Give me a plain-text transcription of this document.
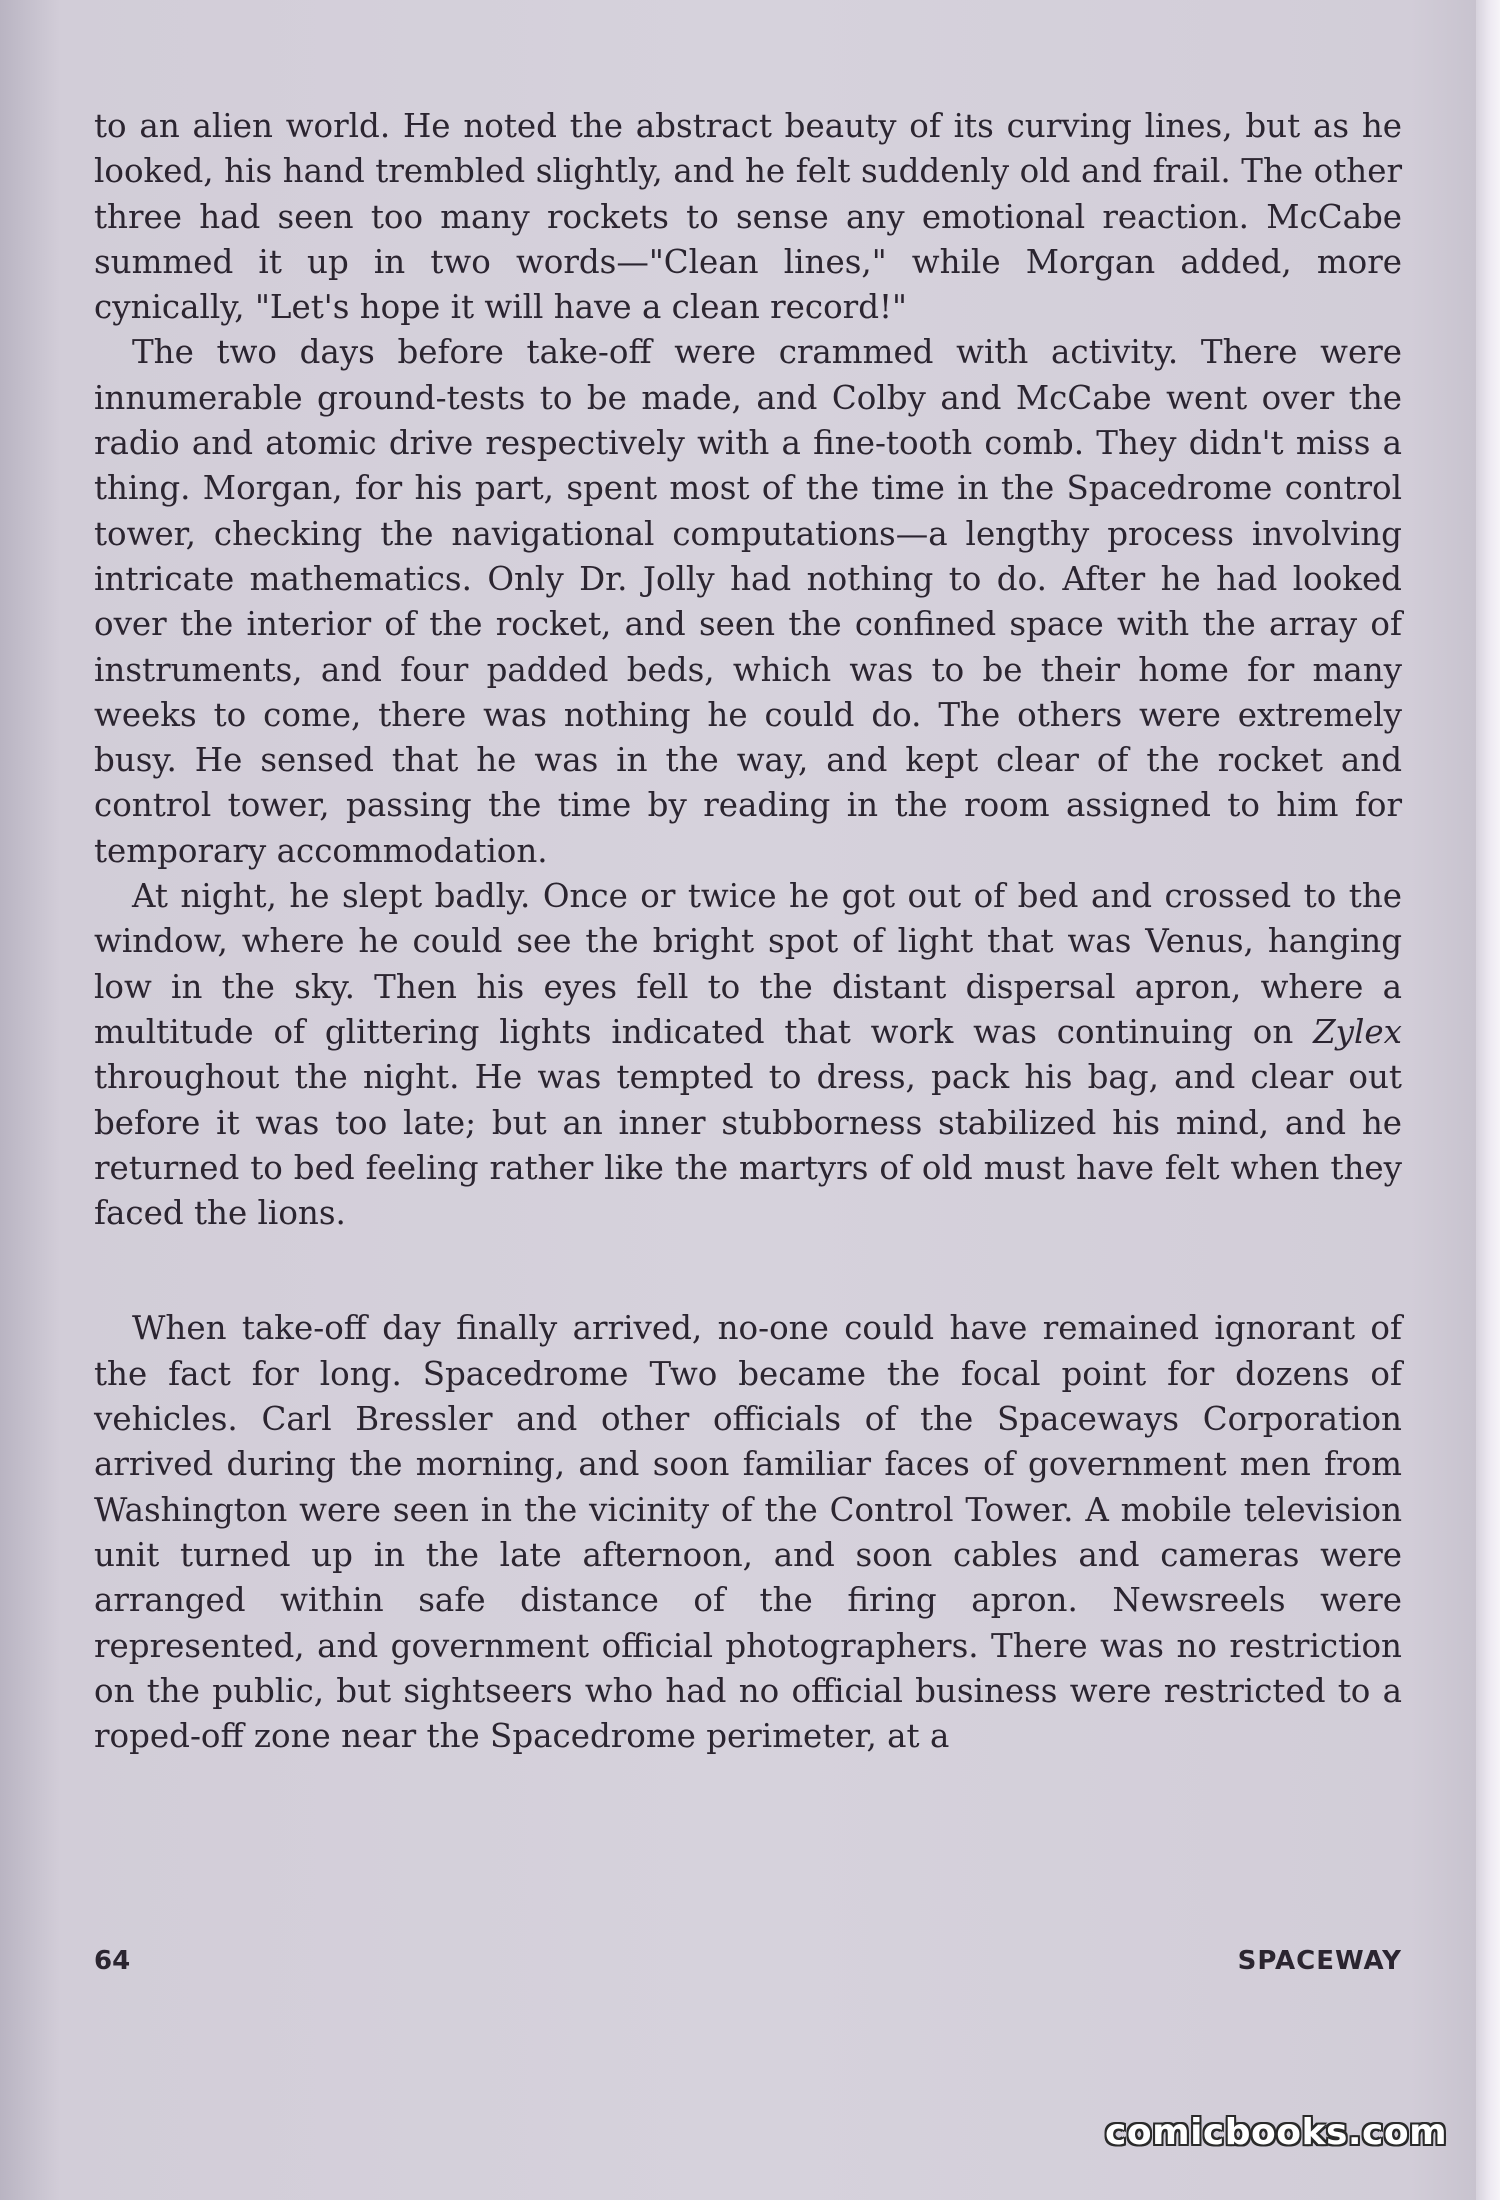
to an alien world. He noted the abstract beauty of its curving lines, but as he looked, his hand trembled slightly, and he felt suddenly old and frail. The other three had seen too many rockets to sense any emotional reaction. McCabe summed it up in two words—"Clean lines," while Morgan added, more cynically, "Let's hope it will have a clean record!"

The two days before take-off were crammed with activity. There were innumerable ground-tests to be made, and Colby and McCabe went over the radio and atomic drive respectively with a fine-tooth comb. They didn't miss a thing. Morgan, for his part, spent most of the time in the Spacedrome control tower, checking the navigational computations—a lengthy process involving intricate mathematics. Only Dr. Jolly had nothing to do. After he had looked over the interior of the rocket, and seen the confined space with the array of instruments, and four padded beds, which was to be their home for many weeks to come, there was nothing he could do. The others were extremely busy. He sensed that he was in the way, and kept clear of the rocket and control tower, passing the time by reading in the room assigned to him for temporary accommodation.

At night, he slept badly. Once or twice he got out of bed and crossed to the window, where he could see the bright spot of light that was Venus, hanging low in the sky. Then his eyes fell to the distant dispersal apron, where a multitude of glittering lights indicated that work was continuing on Zylex throughout the night. He was tempted to dress, pack his bag, and clear out before it was too late; but an inner stubborness stabilized his mind, and he returned to bed feeling rather like the martyrs of old must have felt when they faced the lions.

When take-off day finally arrived, no-one could have remained ignorant of the fact for long. Spacedrome Two became the focal point for dozens of vehicles. Carl Bressler and other officials of the Spaceways Corporation arrived during the morning, and soon familiar faces of government men from Washington were seen in the vicinity of the Control Tower. A mobile television unit turned up in the late afternoon, and soon cables and cameras were arranged within safe distance of the firing apron. Newsreels were represented, and government official photographers. There was no restriction on the public, but sightseers who had no official business were restricted to a roped-off zone near the Spacedrome perimeter, at a

64	SPACEWAY
comicbooks.com
